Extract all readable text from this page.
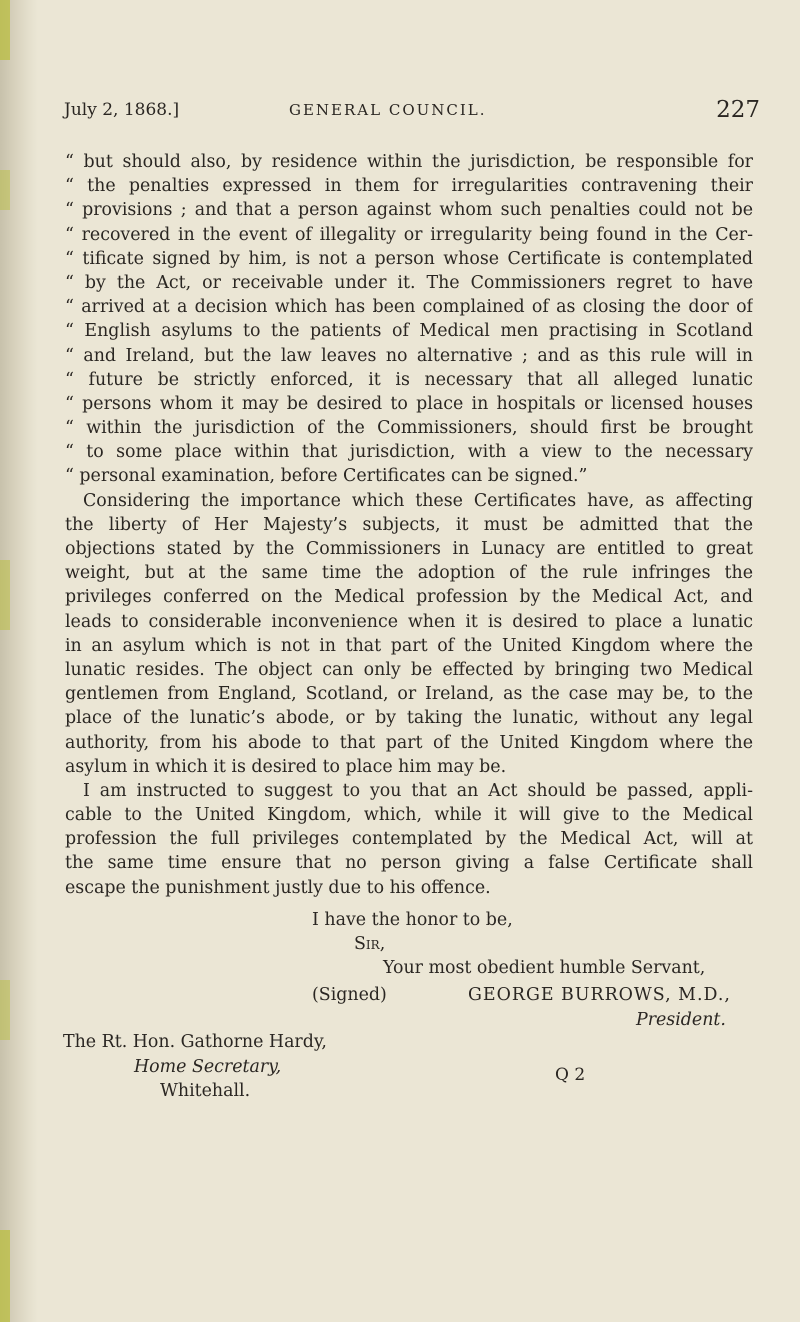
July 2, 1868.]	GENERAL COUNCIL.	227
“ but should also, by residence within the jurisdiction, be responsible for
“ the penalties expressed in them for irregularities contravening their
“ provisions ; and that a person against whom such penalties could not be
“ recovered in the event of illegality or irregularity being found in the Cer-
“ tificate signed by him, is not a person whose Certificate is contemplated
“ by the Act, or receivable under it. The Commissioners regret to have
“ arrived at a decision which has been complained of as closing the door of
“ English asylums to the patients of Medical men practising in Scotland
“ and Ireland, but the law leaves no alternative ; and as this rule will in
“ future be strictly enforced, it is necessary that all alleged lunatic
“ persons whom it may be desired to place in hospitals or licensed houses
“ within the jurisdiction of the Commissioners, should first be brought
“ to some place within that jurisdiction, with a view to the necessary
“ personal examination, before Certificates can be signed.”
Considering the importance which these Certificates have, as affecting
the liberty of Her Majesty’s subjects, it must be admitted that the
objections stated by the Commissioners in Lunacy are entitled to great
weight, but at the same time the adoption of the rule infringes the
privileges conferred on the Medical profession by the Medical Act, and
leads to considerable inconvenience when it is desired to place a lunatic
in an asylum which is not in that part of the United Kingdom where the
lunatic resides. The object can only be effected by bringing two Medical
gentlemen from England, Scotland, or Ireland, as the case may be, to the
place of the lunatic’s abode, or by taking the lunatic, without any legal
authority, from his abode to that part of the United Kingdom where the
asylum in which it is desired to place him may be.
I am instructed to suggest to you that an Act should be passed, appli-
cable to the United Kingdom, which, while it will give to the Medical
profession the full privileges contemplated by the Medical Act, will at
the same time ensure that no person giving a false Certificate shall
escape the punishment justly due to his offence.
I have the honor to be,
Sir,
Your most obedient humble Servant,
(Signed)	GEORGE BURROWS, M.D.,
President.
The Rt. Hon. Gathorne Hardy,
Home Secretary,
Whitehall.
Q 2
